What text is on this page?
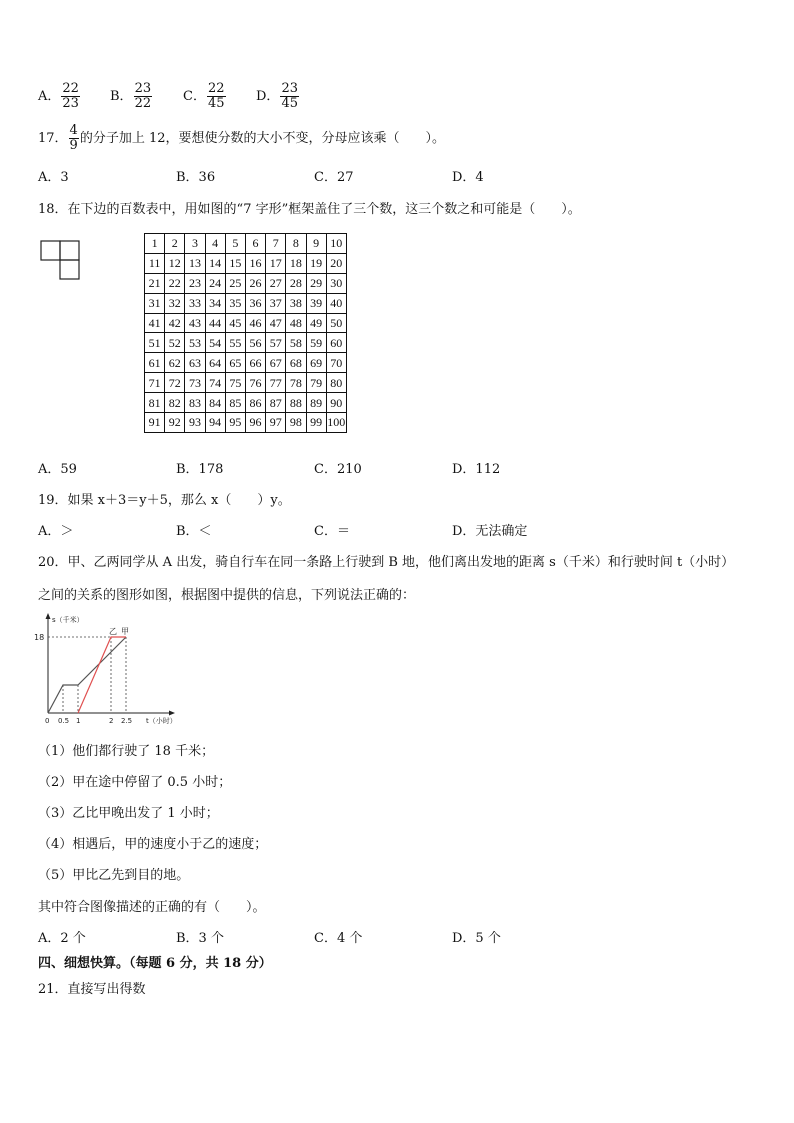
A． $\frac{22}{23}$ B． $\frac{23}{22}$ C． $\frac{22}{45}$ D． $\frac{23}{45}$
17． $\frac{4}{9}$ 的分子加上 12，要想使分数的大小不变，分母应该乘（　　）。
A．3	B．36	C．27	D．4
18．在下边的百数表中，用如图的“7 字形”框架盖住了三个数，这三个数之和可能是（　　）。
1	2	3	4	5	6	7	8	9	10
11	12	13	14	15	16	17	18	19	20
21	22	23	24	25	26	27	28	29	30
31	32	33	34	35	36	37	38	39	40
41	42	43	44	45	46	47	48	49	50
51	52	53	54	55	56	57	58	59	60
61	62	63	64	65	66	67	68	69	70
71	72	73	74	75	76	77	78	79	80
81	82	83	84	85	86	87	88	89	90
91	92	93	94	95	96	97	98	99	100
A．59	B．178	C．210	D．112
19．如果 x＋3＝y＋5，那么 x（　　）y。
A．＞	B．＜	C．＝	D．无法确定
20．甲、乙两同学从 A 出发，骑自行车在同一条路上行驶到 B 地，他们离出发地的距离 s（千米）和行驶时间 t（小时）
之间的关系的图形如图，根据图中提供的信息，下列说法正确的：
s（千米）
18
乙 甲
0 0.5 1	2 2.5 t（小时）
（1）他们都行驶了 18 千米；
（2）甲在途中停留了 0.5 小时；
（3）乙比甲晚出发了 1 小时；
（4）相遇后，甲的速度小于乙的速度；
（5）甲比乙先到目的地。
其中符合图像描述的正确的有（　　）。
A．2 个	B．3 个	C．4 个	D．5 个
四、细想快算。（每题 6 分，共 18 分）
21．直接写出得数
